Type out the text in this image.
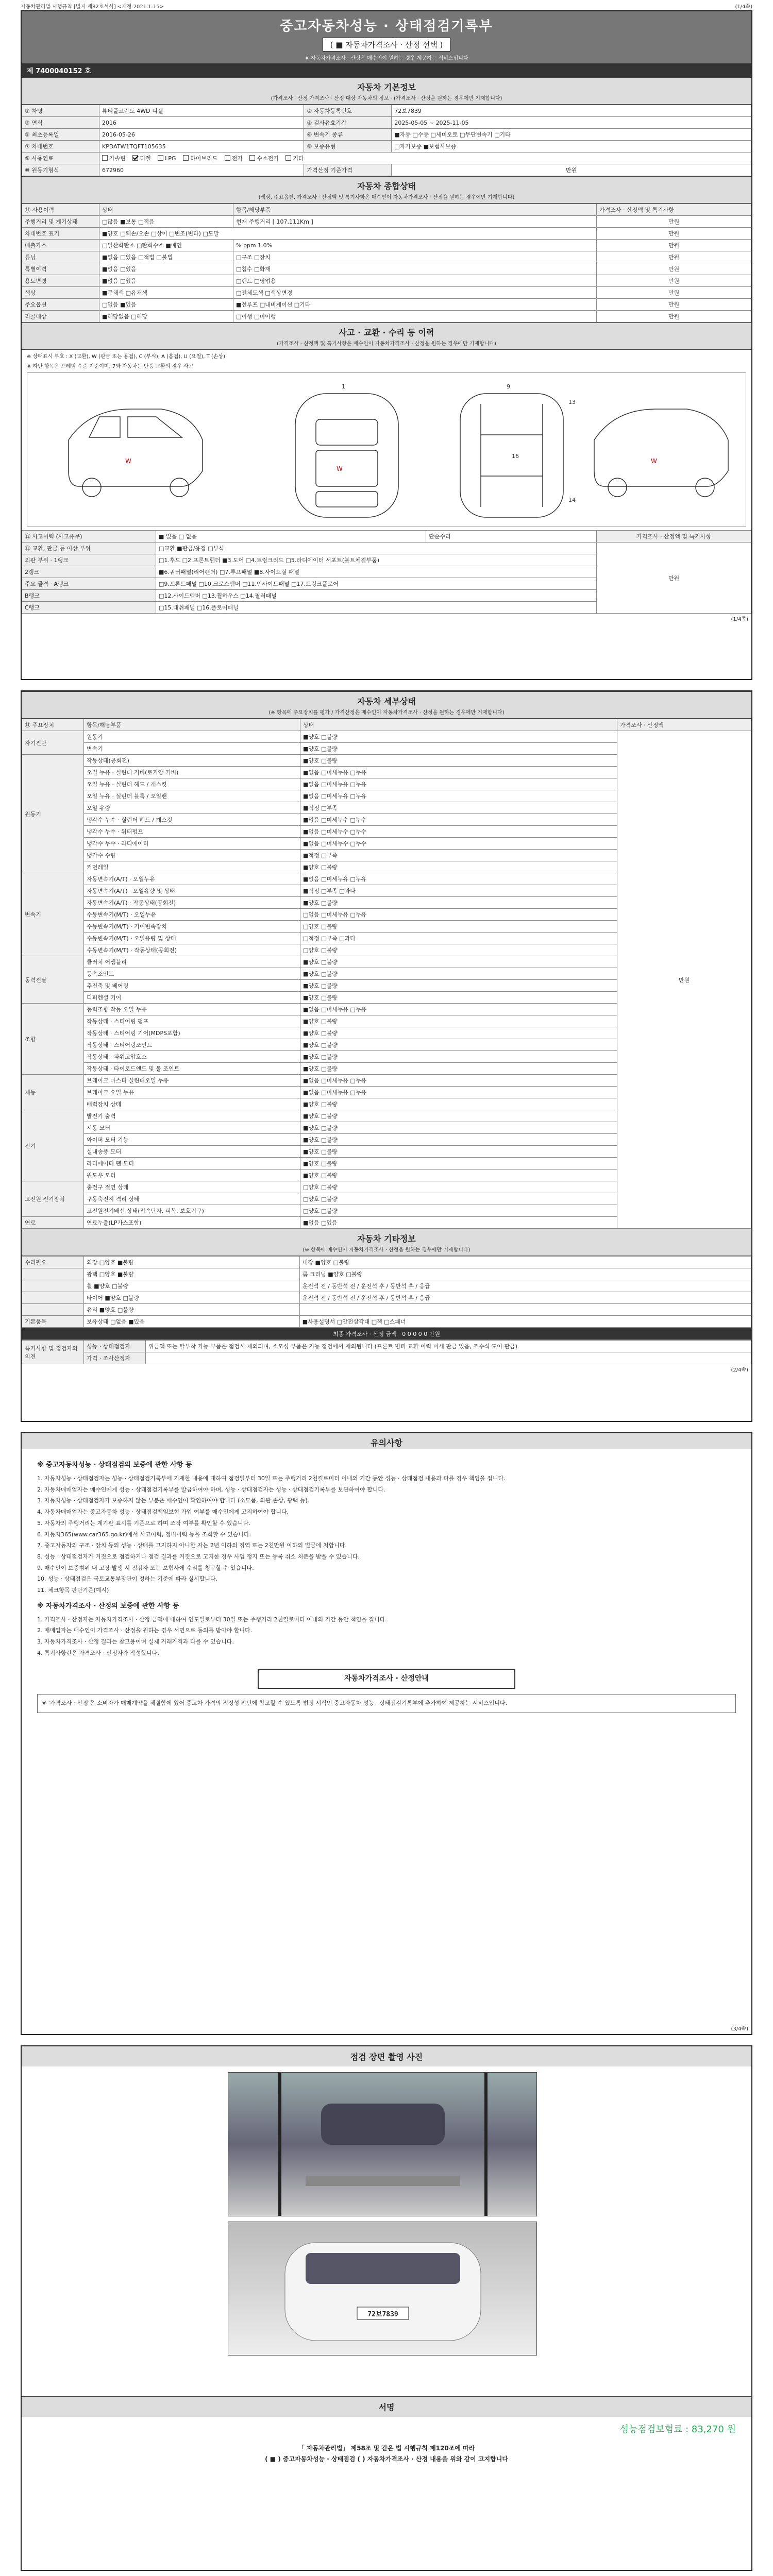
자동차관리법 시행규칙 [별지 제82호서식] <개정 2021.1.15>	(1/4쪽)
중고자동차성능 · 상태점검기록부
( ■ 자동차가격조사 · 산정 선택 )
※ 자동차가격조사 · 산정은 매수인이 원하는 경우 제공하는 서비스입니다
제 7400040152 호
자동차 기본정보
(가격조사 · 산정 가격조사 · 산정 대상 자동차의 정보 · (가격조사 · 산정을 원하는 경우에만 기재합니다)
① 차명	뷰티풀코란도 4WD 디젤	② 자동차등록번호	72보7839
③ 연식	2016	④ 검사유효기간	2025-05-05 ~ 2025-11-05
⑤ 최초등록일	2016-05-26	⑥ 변속기 종류	■자동 □수동 □세미오토 □무단변속기 □기타
⑦ 차대번호	KPDATW1TQFT105635	⑧ 보증유형	□자가보증 ■보험사보증
⑨ 사용연료	가솔린 디젤 LPG 하이브리드 전기 수소전기 기타		
⑩ 원동기형식	672960	가격산정 기준가격	만원
자동차 종합상태
(색상, 주요옵션, 가격조사 · 산정액 및 특기사항은 매수인이 자동차가격조사 · 산정을 원하는 경우에만 기재합니다)
⑪ 사용이력	상태	항목/해당부품	가격조사 · 산정액 및 특기사항
주행거리 및 계기상태	□많음 ■보통 □적음	현재 주행거리 [ 107,111Km ]	만원
차대번호 표기	■양호 □훼손/오손 □상이 □변조(변타) □도말		만원
배출가스	□일산화탄소 □탄화수소 ■매연	% ppm 1.0%	만원
튜닝	■없음 □있음 □적법 □불법	□구조 □장치	만원
특별이력	■없음 □있음	□침수 □화재	만원
용도변경	■없음 □있음	□렌트 □영업용	만원
색상	■무채색 □유채색	□전체도색 □색상변경	만원
주요옵션	□없음 ■있음	■선루프 □내비게이션 □기타	만원
리콜대상	■해당없음 □해당	□이행 □미이행	만원
사고 · 교환 · 수리 등 이력
(가격조사 · 산정액 및 특기사항은 매수인이 자동차가격조사 · 산정을 원하는 경우에만 기재합니다)
※ 상태표시 부호 : X (교환), W (판금 또는 용접), C (부식), A (흠집), U (요철), T (손상)
※ 하단 항목은 프레임 수준 기준이며, 7와 자동차는 단품 교환의 경우 사고
W
W
W
1	9
16
13
14
⑫ 사고이력 (사고유무)	■ 있음 □ 없음	단순수리	가격조사 · 산정액 및 특기사항
⑬ 교환, 판금 등 이상 부위	□교환 ■판금/용접 □부식		만원
외판 부위 · 1랭크	□1.후드 □2.프론트휀더 ■3.도어 □4.트렁크리드 □5.라디에이터 서포트(볼트체결부품)		
2랭크	■6.쿼터패널(리어펜더) □7.루프패널 ■8.사이드실 패널		
주요 골격 · A랭크	□9.프론트패널 □10.크로스멤버 □11.인사이드패널 □17.트렁크플로어		
B랭크	□12.사이드멤버 □13.휠하우스 □14.필러패널		
C랭크	□15.대쉬패널 □16.플로어패널		
(1/4쪽)
자동차 세부상태
(※ 항목에 주요장치를 평가 / 가격산정은 매수인이 자동차가격조사 · 산정을 원하는 경우에만 기재합니다)
⑭ 주요장치	항목/해당부품	상태	가격조사 · 산정액
자기진단	원동기	■양호 □불량	만원
	변속기	■양호 □불량	
원동기	작동상태(공회전)	■양호 □불량	
	오일 누유 · 실린더 커버(로커암 커버)	■없음 □미세누유 □누유	
	오일 누유 · 실린더 헤드 / 개스킷	■없음 □미세누유 □누유	
	오일 누유 · 실린더 블록 / 오일팬	■없음 □미세누유 □누유	
	오일 유량	■적정 □부족	
	냉각수 누수 · 실린더 헤드 / 개스킷	■없음 □미세누수 □누수	
	냉각수 누수 · 워터펌프	■없음 □미세누수 □누수	
	냉각수 누수 · 라디에이터	■없음 □미세누수 □누수	
	냉각수 수량	■적정 □부족	
	커먼레일	■양호 □불량	
변속기	자동변속기(A/T) · 오일누유	■없음 □미세누유 □누유	
	자동변속기(A/T) · 오일유량 및 상태	■적정 □부족 □과다	
	자동변속기(A/T) · 작동상태(공회전)	■양호 □불량	
	수동변속기(M/T) · 오일누유	□없음 □미세누유 □누유	
	수동변속기(M/T) · 기어변속장치	□양호 □불량	
	수동변속기(M/T) · 오일유량 및 상태	□적정 □부족 □과다	
	수동변속기(M/T) · 작동상태(공회전)	□양호 □불량	
동력전달	클러치 어셈블리	■양호 □불량	
	등속조인트	■양호 □불량	
	추진축 및 베어링	■양호 □불량	
	디퍼렌셜 기어	■양호 □불량	
조향	동력조향 작동 오일 누유	■없음 □미세누유 □누유	
	작동상태 · 스티어링 펌프	■양호 □불량	
	작동상태 · 스티어링 기어(MDPS포함)	■양호 □불량	
	작동상태 · 스티어링조인트	■양호 □불량	
	작동상태 · 파워고압호스	■양호 □불량	
	작동상태 · 타이로드엔드 및 볼 조인트	■양호 □불량	
제동	브레이크 마스터 실린더오일 누유	■없음 □미세누유 □누유	
	브레이크 오일 누유	■없음 □미세누유 □누유	
	배력장치 상태	■양호 □불량	
전기	발전기 출력	■양호 □불량	
	시동 모터	■양호 □불량	
	와이퍼 모터 기능	■양호 □불량	
	실내송풍 모터	■양호 □불량	
	라디에이터 팬 모터	■양호 □불량	
	윈도우 모터	■양호 □불량	
고전원 전기장치	충전구 절연 상태	□양호 □불량	
	구동축전지 격리 상태	□양호 □불량	
	고전원전기배선 상태(접속단자, 피복, 보호기구)	□양호 □불량	
연료	연료누출(LP가스포함)	■없음 □있음	
자동차 기타정보
(※ 항목에 매수인이 자동차가격조사 · 산정을 원하는 경우에만 기재합니다)
수리필요	외장 □양호 ■불량	내장 ■양호 □불량
	광택 □양호 ■불량	룸 크리닝 ■양호 □불량
	휠 ■양호 □불량	운전석 전 / 동반석 전 / 운전석 후 / 동반석 후 / 응급
	타이어 ■양호 □불량	운전석 전 / 동반석 전 / 운전석 후 / 동반석 후 / 응급
	유리 ■양호 □불량	
기본품목	보유상태 □없음 ■있음	■사용설명서 □안전삼각대 □잭 □스패너
최종 가격조사 · 산정 금액 0 0 0 0 0 만원
특기사항 및 점검자의 의견	성능 · 상태점검자	위금액 또는 탈부착 가능 부품은 점검시 제외되며, 소모성 부품은 기능 점검에서 제외됩니다 (프론트 범퍼 교환 이력 미세 판금 있음, 조수석 도어 판금)
	가격 · 조사산정자	
(2/4쪽)
유의사항
※ 중고자동차성능 · 상태점검의 보증에 관한 사항 등
1. 자동차성능 · 상태점검자는 성능 · 상태점검기록부에 기재한 내용에 대하여 점검일부터 30일 또는 주행거리 2천킬로미터 이내의 기간 동안 성능 · 상태점검 내용과 다를 경우 책임을 집니다.
2. 자동차매매업자는 매수인에게 성능 · 상태점검기록부를 발급하여야 하며, 성능 · 상태점검자는 성능 · 상태점검기록부를 보관하여야 합니다.
3. 자동차성능 · 상태점검자가 보증하지 않는 부분은 매수인이 확인하여야 합니다 (소모품, 외관 손상, 광택 등).
4. 자동차매매업자는 중고자동차 성능 · 상태점검책임보험 가입 여부를 매수인에게 고지하여야 합니다.
5. 자동차의 주행거리는 계기판 표시를 기준으로 하며 조작 여부를 확인할 수 있습니다.
6. 자동차365(www.car365.go.kr)에서 사고이력, 정비이력 등을 조회할 수 있습니다.
7. 중고자동차의 구조 · 장치 등의 성능 · 상태를 고지하지 아니한 자는 2년 이하의 징역 또는 2천만원 이하의 벌금에 처합니다.
8. 성능 · 상태점검자가 거짓으로 점검하거나 점검 결과를 거짓으로 고지한 경우 사업 정지 또는 등록 취소 처분을 받을 수 있습니다.
9. 매수인이 보증범위 내 고장 발생 시 점검자 또는 보험사에 수리를 청구할 수 있습니다.
10. 성능 · 상태점검은 국토교통부장관이 정하는 기준에 따라 실시합니다.
11. 체크항목 판단기준(예시)
※ 자동차가격조사 · 산정의 보증에 관한 사항 등
1. 가격조사 · 산정자는 자동차가격조사 · 산정 금액에 대하여 인도일로부터 30일 또는 주행거리 2천킬로미터 이내의 기간 동안 책임을 집니다.
2. 매매업자는 매수인이 가격조사 · 산정을 원하는 경우 서면으로 동의를 받아야 합니다.
3. 자동차가격조사 · 산정 결과는 참고용이며 실제 거래가격과 다를 수 있습니다.
4. 특기사항란은 가격조사 · 산정자가 작성합니다.
자동차가격조사 · 산정안내
※ '가격조사 · 산정'은 소비자가 매매계약을 체결함에 있어 중고차 가격의 적정성 판단에 참고할 수 있도록 법정 서식인 중고자동차 성능 · 상태점검기록부에 추가하여 제공하는 서비스입니다.
(3/4쪽)
점검 장면 촬영 사진
72보7839
서명
성능점검보험료 : 83,270 원
「 자동차관리법」 제58조 및 같은 법 시행규칙 제120조에 따라
( ■ ) 중고자동차성능 · 상태점검 ( ) 자동차가격조사 · 산정 내용을 위와 같이 고지합니다
